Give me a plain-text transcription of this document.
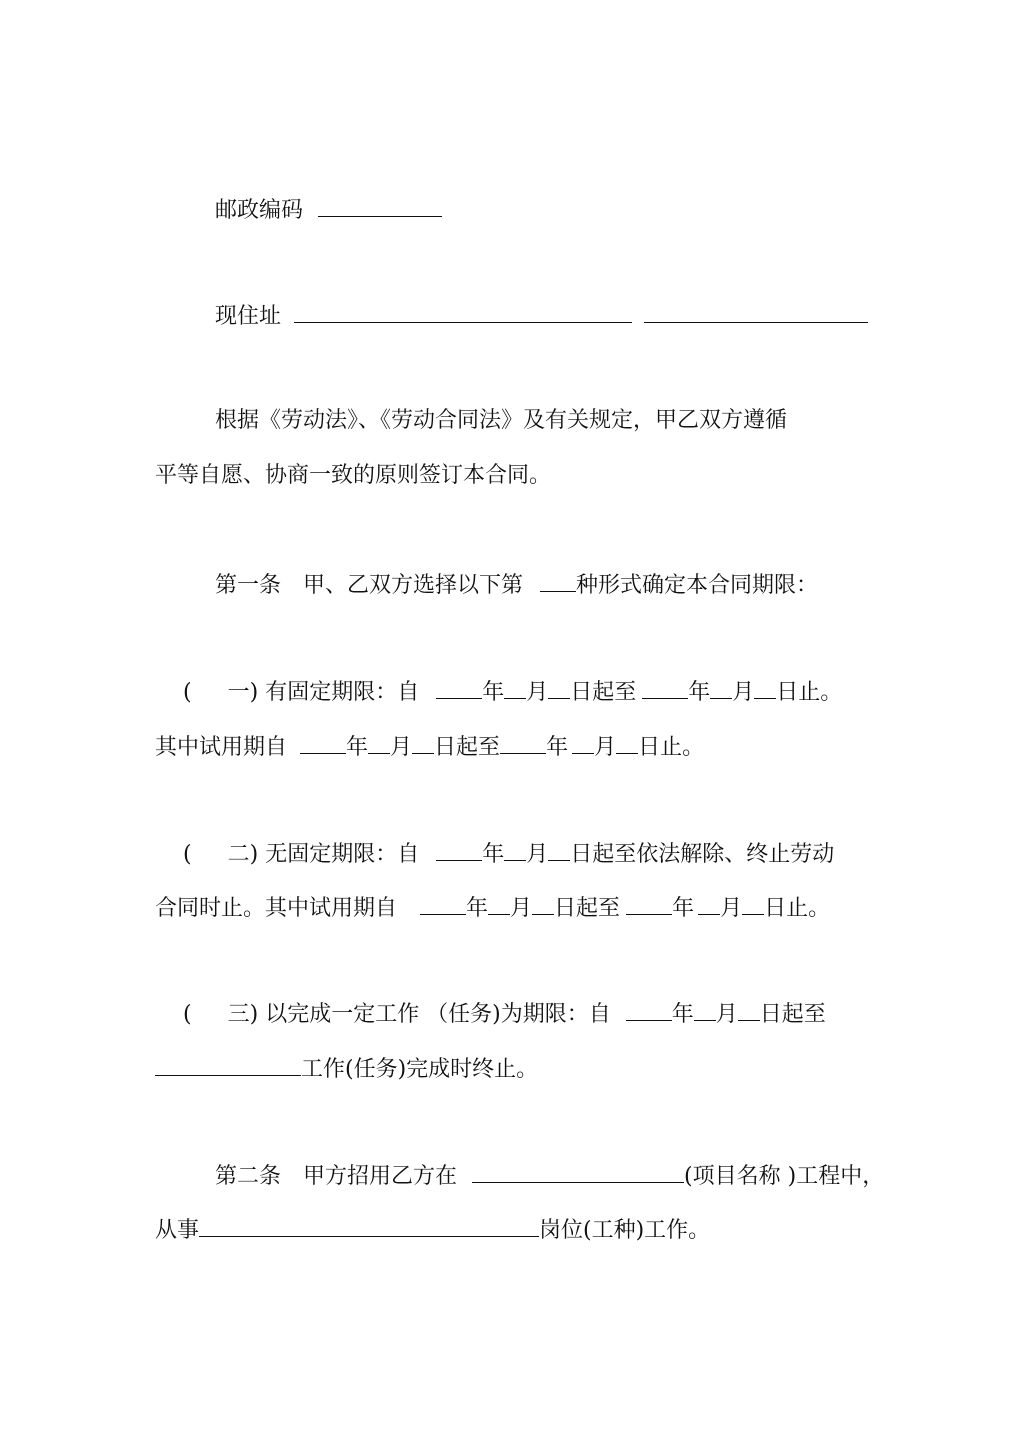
邮政编码
现住址
根据《劳动法》、《劳动合同法》及有关规定，甲乙双方遵循
平等自愿、协商一致的原则签订本合同。
第一条 甲、乙双方选择以下第 种形式确定本合同期限：
( 一) 有固定期限：自	年 月 日起至 年 月 日止。
其中试用期自	年 月 日起至 年 月 日止。
( 二) 无固定期限：自	年 月 日起至依法解除、终止劳动
合同时止。其中试用期自	年 月 日起至 年 月 日止。
( 三) 以完成一定工作 （任务)为期限：自	年 月 日起至
工作(任务)完成时终止。
第二条 甲方招用乙方在	(项目名称 )工程中，
从事	岗位(工种)工作。
